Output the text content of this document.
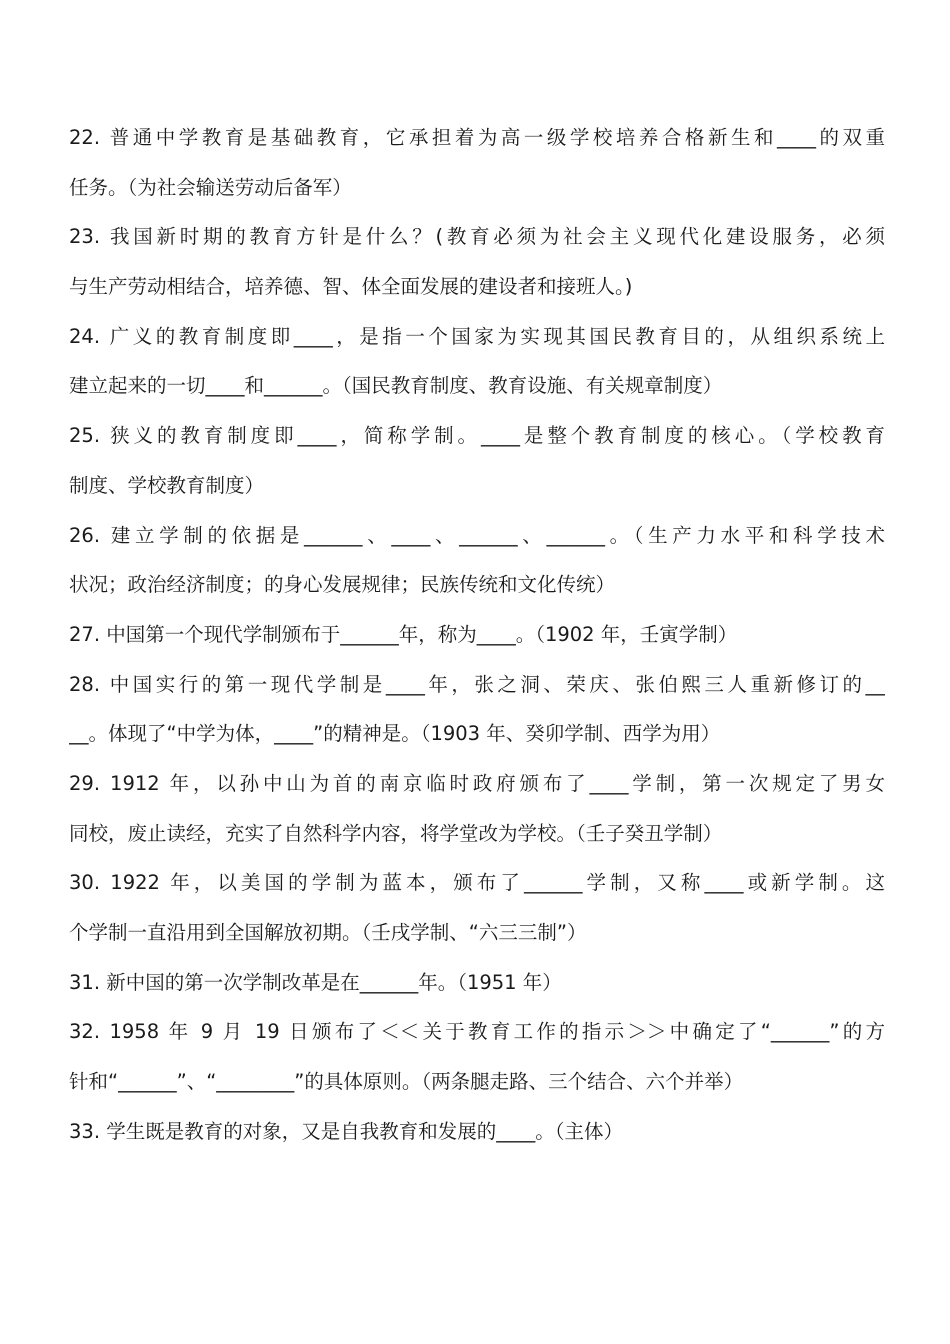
22. 普通中学教育是基础教育，它承担着为高一级学校培养合格新生和____的双重
任务。（为社会输送劳动后备军）
23. 我国新时期的教育方针是什么？(教育必须为社会主义现代化建设服务，必须
与生产劳动相结合，培养德、智、体全面发展的建设者和接班人。)
24. 广义的教育制度即____，是指一个国家为实现其国民教育目的，从组织系统上
建立起来的一切____和______。（国民教育制度、教育设施、有关规章制度）
25. 狭义的教育制度即____，简称学制。____是整个教育制度的核心。（学校教育
制度、学校教育制度）
26. 建立学制的依据是______、____、______、______。（生产力水平和科学技术
状况；政治经济制度；的身心发展规律；民族传统和文化传统）
27. 中国第一个现代学制颁布于______年，称为____。（1902 年，壬寅学制）
28. 中国实行的第一现代学制是____年，张之洞、荣庆、张伯熙三人重新修订的__
__。体现了“中学为体，____”的精神是。（1903 年、癸卯学制、西学为用）
29. 1912 年，以孙中山为首的南京临时政府颁布了____学制，第一次规定了男女
同校，废止读经，充实了自然科学内容，将学堂改为学校。（壬子癸丑学制）
30. 1922 年，以美国的学制为蓝本，颁布了______学制，又称____或新学制。这
个学制一直沿用到全国解放初期。（壬戌学制、“六三三制”）
31. 新中国的第一次学制改革是在______年。（1951 年）
32. 1958 年 9 月 19 日颁布了＜＜关于教育工作的指示＞＞中确定了“______”的方
针和“______”、“________”的具体原则。（两条腿走路、三个结合、六个并举）
33. 学生既是教育的对象，又是自我教育和发展的____。（主体）
